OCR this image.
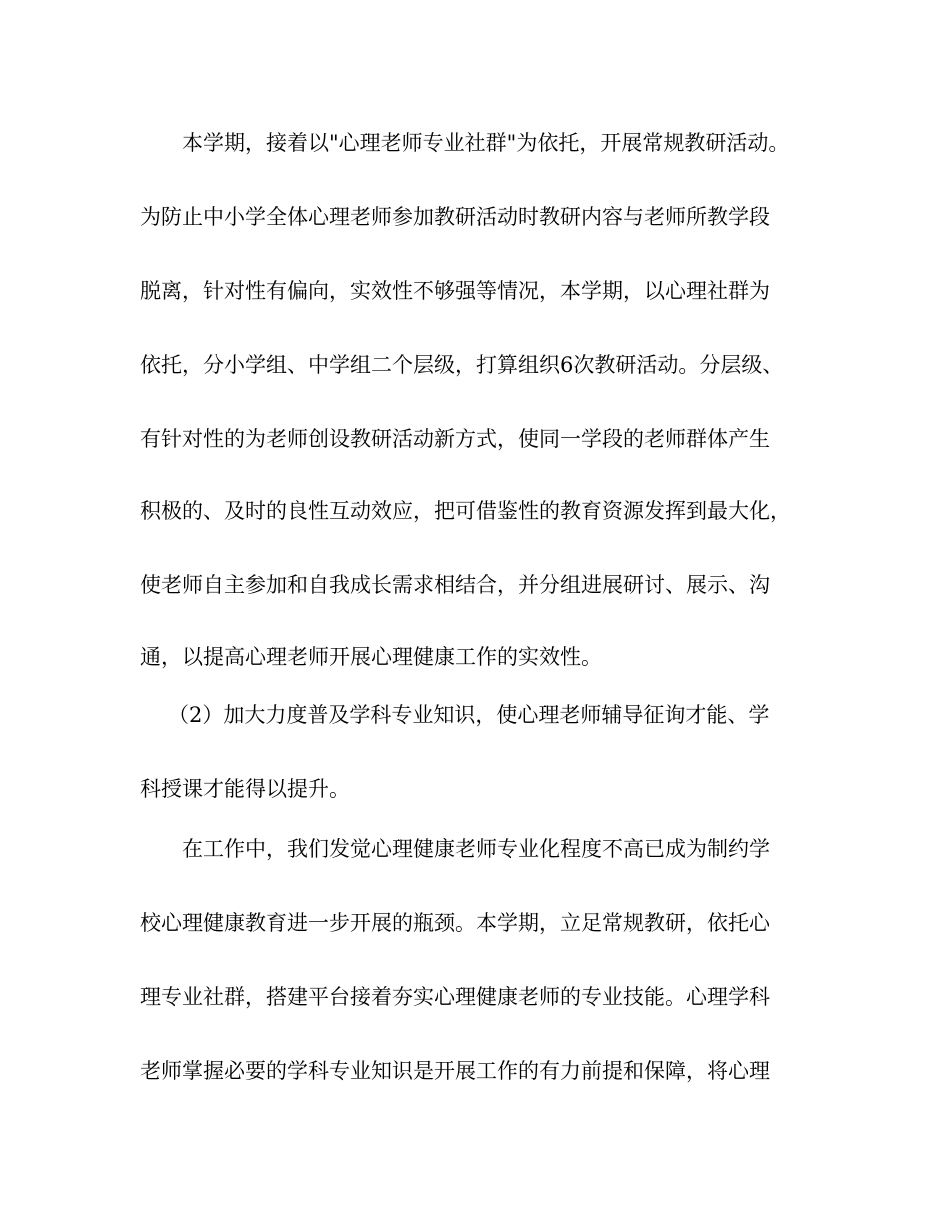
本学期，接着以"心理老师专业社群"为依托，开展常规教研活动。

为防止中小学全体心理老师参加教研活动时教研内容与老师所教学段

脱离，针对性有偏向，实效性不够强等情况，本学期，以心理社群为

依托，分小学组、中学组二个层级，打算组织6次教研活动。分层级、

有针对性的为老师创设教研活动新方式，使同一学段的老师群体产生

积极的、及时的良性互动效应，把可借鉴性的教育资源发挥到最大化，

使老师自主参加和自我成长需求相结合，并分组进展研讨、展示、沟

通，以提高心理老师开展心理健康工作的实效性。

（2）加大力度普及学科专业知识，使心理老师辅导征询才能、学

科授课才能得以提升。

在工作中，我们发觉心理健康老师专业化程度不高已成为制约学

校心理健康教育进一步开展的瓶颈。本学期，立足常规教研，依托心

理专业社群，搭建平台接着夯实心理健康老师的专业技能。心理学科

老师掌握必要的学科专业知识是开展工作的有力前提和保障，将心理
